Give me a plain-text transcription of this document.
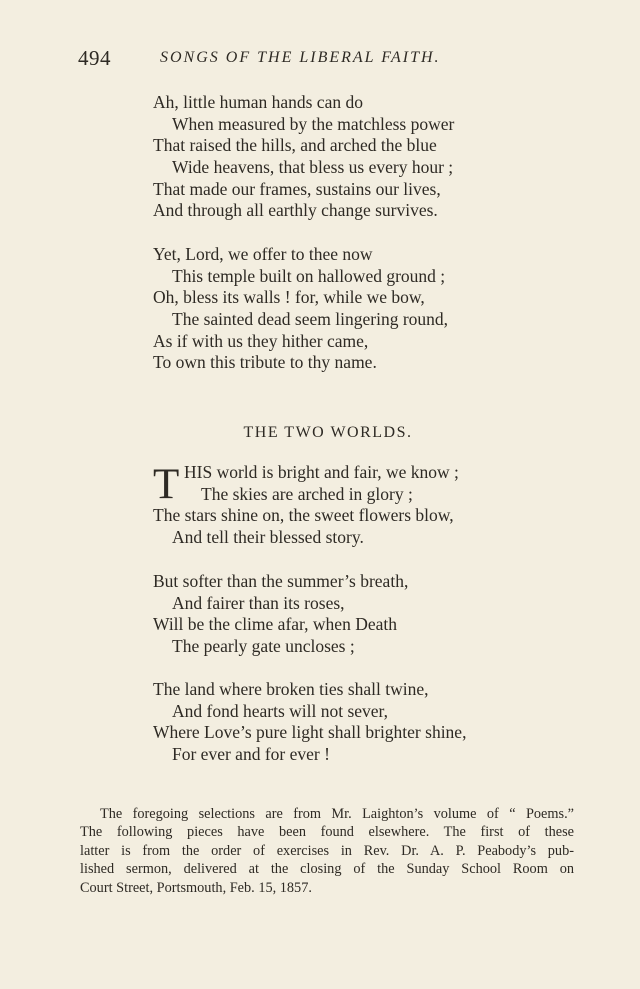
494	SONGS OF THE LIBERAL FAITH.
Ah, little human hands can do
When measured by the matchless power
That raised the hills, and arched the blue
Wide heavens, that bless us every hour ;
That made our frames, sustains our lives,
And through all earthly change survives.
Yet, Lord, we offer to thee now
This temple built on hallowed ground ;
Oh, bless its walls ! for, while we bow,
The sainted dead seem lingering round,
As if with us they hither came,
To own this tribute to thy name.
THE TWO WORLDS.
T HIS world is bright and fair, we know ;
The skies are arched in glory ;
The stars shine on, the sweet flowers blow,
And tell their blessed story.
But softer than the summer’s breath,
And fairer than its roses,
Will be the clime afar, when Death
The pearly gate uncloses ;
The land where broken ties shall twine,
And fond hearts will not sever,
Where Love’s pure light shall brighter shine,
For ever and for ever !
The foregoing selections are from Mr. Laighton’s volume of “ Poems.”
The following pieces have been found elsewhere. The first of these
latter is from the order of exercises in Rev. Dr. A. P. Peabody’s pub-
lished sermon, delivered at the closing of the Sunday School Room on
Court Street, Portsmouth, Feb. 15, 1857.
